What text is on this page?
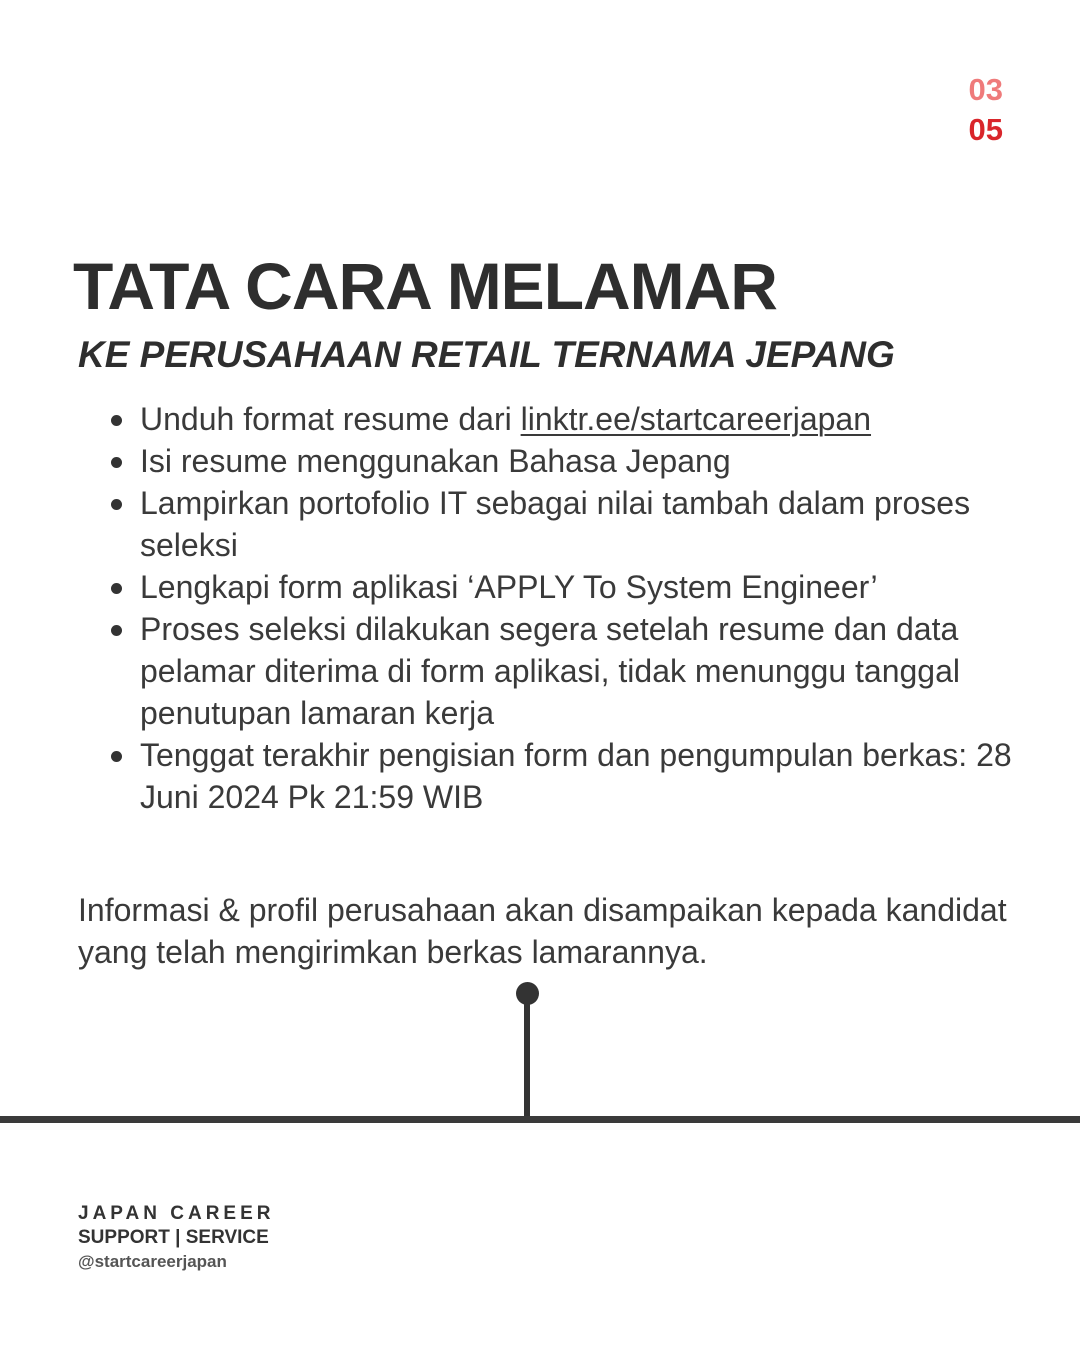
03
05
TATA CARA MELAMAR
KE PERUSAHAAN RETAIL TERNAMA JEPANG
Unduh format resume dari linktr.ee/startcareerjapan
Isi resume menggunakan Bahasa Jepang
Lampirkan portofolio IT sebagai nilai tambah dalam proses seleksi
Lengkapi form aplikasi ‘APPLY To System Engineer’
Proses seleksi dilakukan segera setelah resume dan data pelamar diterima di form aplikasi, tidak menunggu tanggal penutupan lamaran kerja
Tenggat terakhir pengisian form dan pengumpulan berkas: 28 Juni 2024 Pk 21:59 WIB

Informasi & profil perusahaan akan disampaikan kepada kandidat yang telah mengirimkan berkas lamarannya.

JAPAN CAREER
SUPPORT | SERVICE
@startcareerjapan
